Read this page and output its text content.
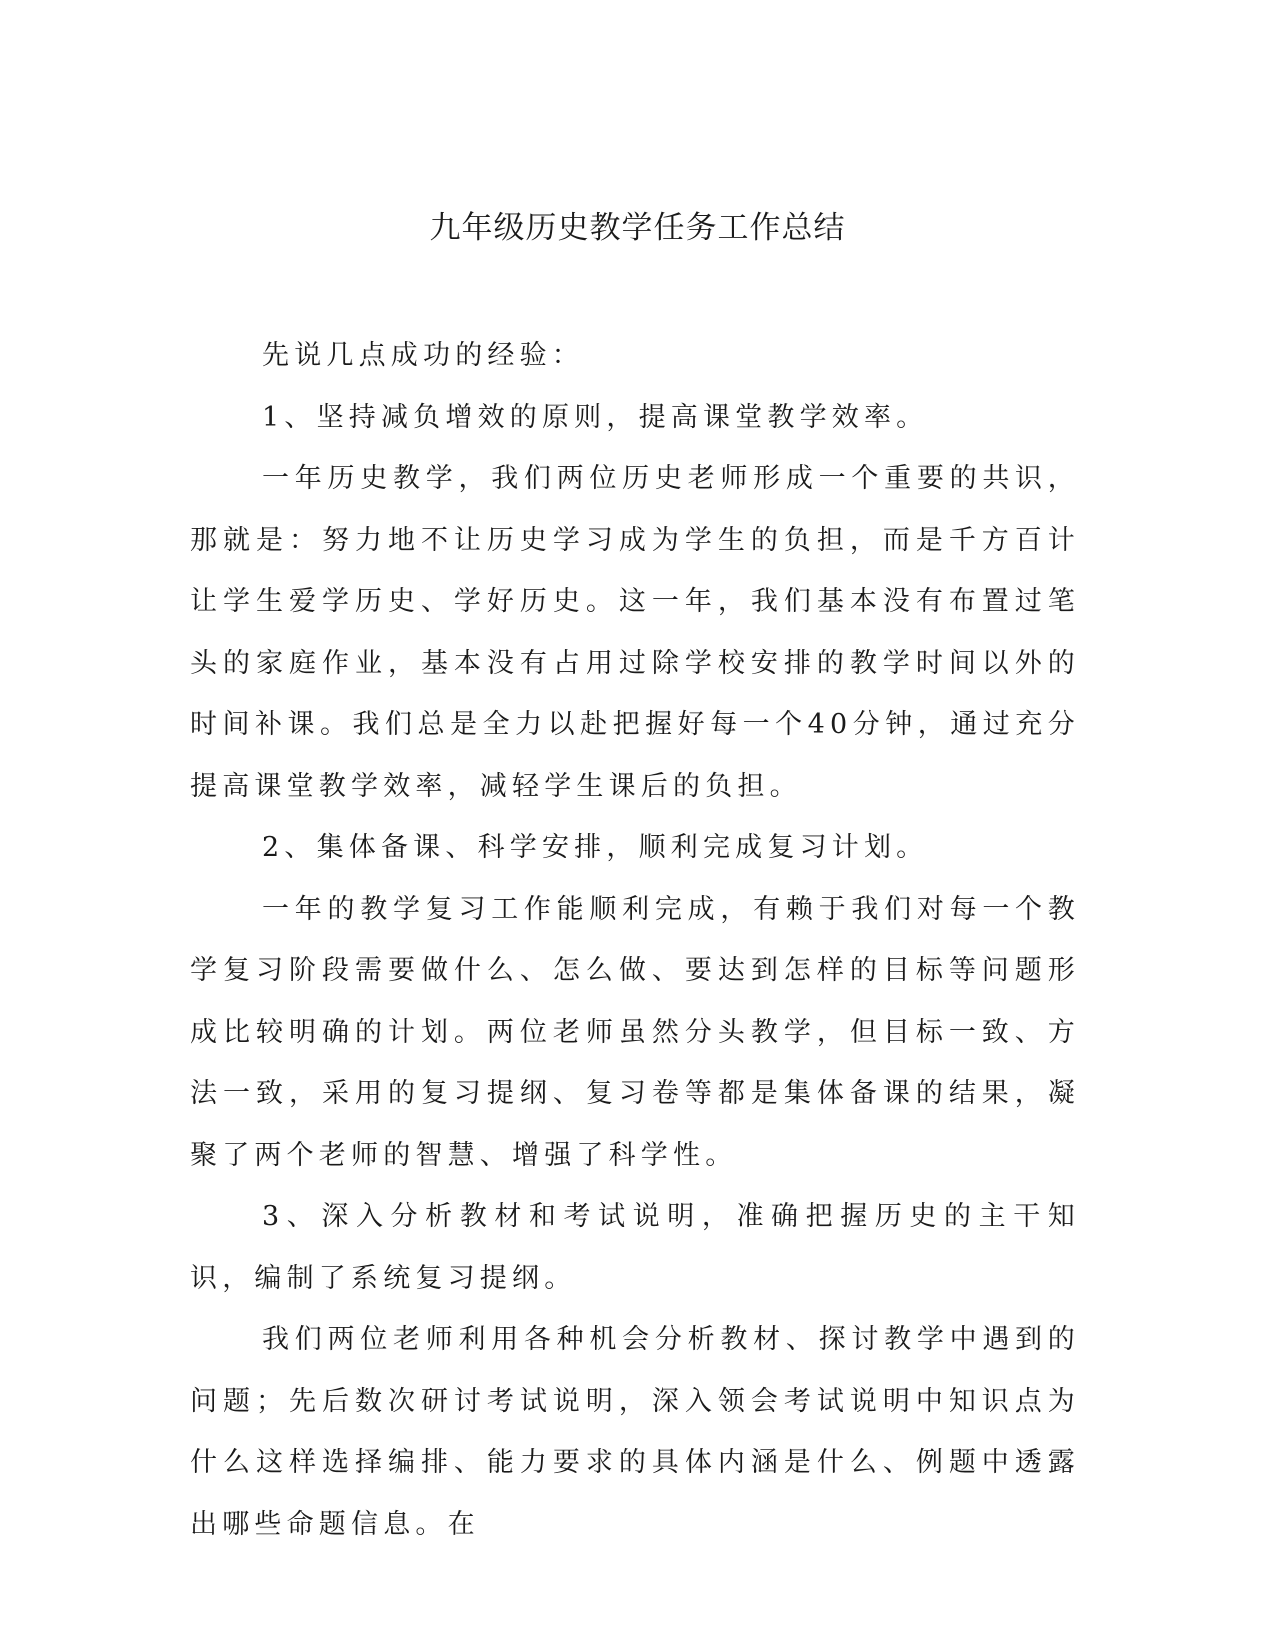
九年级历史教学任务工作总结

先说几点成功的经验：

1、坚持减负增效的原则，提高课堂教学效率。

一年历史教学，我们两位历史老师形成一个重要的共识，那就是：努力地不让历史学习成为学生的负担，而是千方百计让学生爱学历史、学好历史。这一年，我们基本没有布置过笔头的家庭作业，基本没有占用过除学校安排的教学时间以外的时间补课。我们总是全力以赴把握好每一个40分钟，通过充分提高课堂教学效率，减轻学生课后的负担。

2、集体备课、科学安排，顺利完成复习计划。

一年的教学复习工作能顺利完成，有赖于我们对每一个教学复习阶段需要做什么、怎么做、要达到怎样的目标等问题形成比较明确的计划。两位老师虽然分头教学，但目标一致、方法一致，采用的复习提纲、复习卷等都是集体备课的结果，凝聚了两个老师的智慧、增强了科学性。

3、深入分析教材和考试说明，准确把握历史的主干知识，编制了系统复习提纲。

我们两位老师利用各种机会分析教材、探讨教学中遇到的问题；先后数次研讨考试说明，深入领会考试说明中知识点为什么这样选择编排、能力要求的具体内涵是什么、例题中透露出哪些命题信息。在
